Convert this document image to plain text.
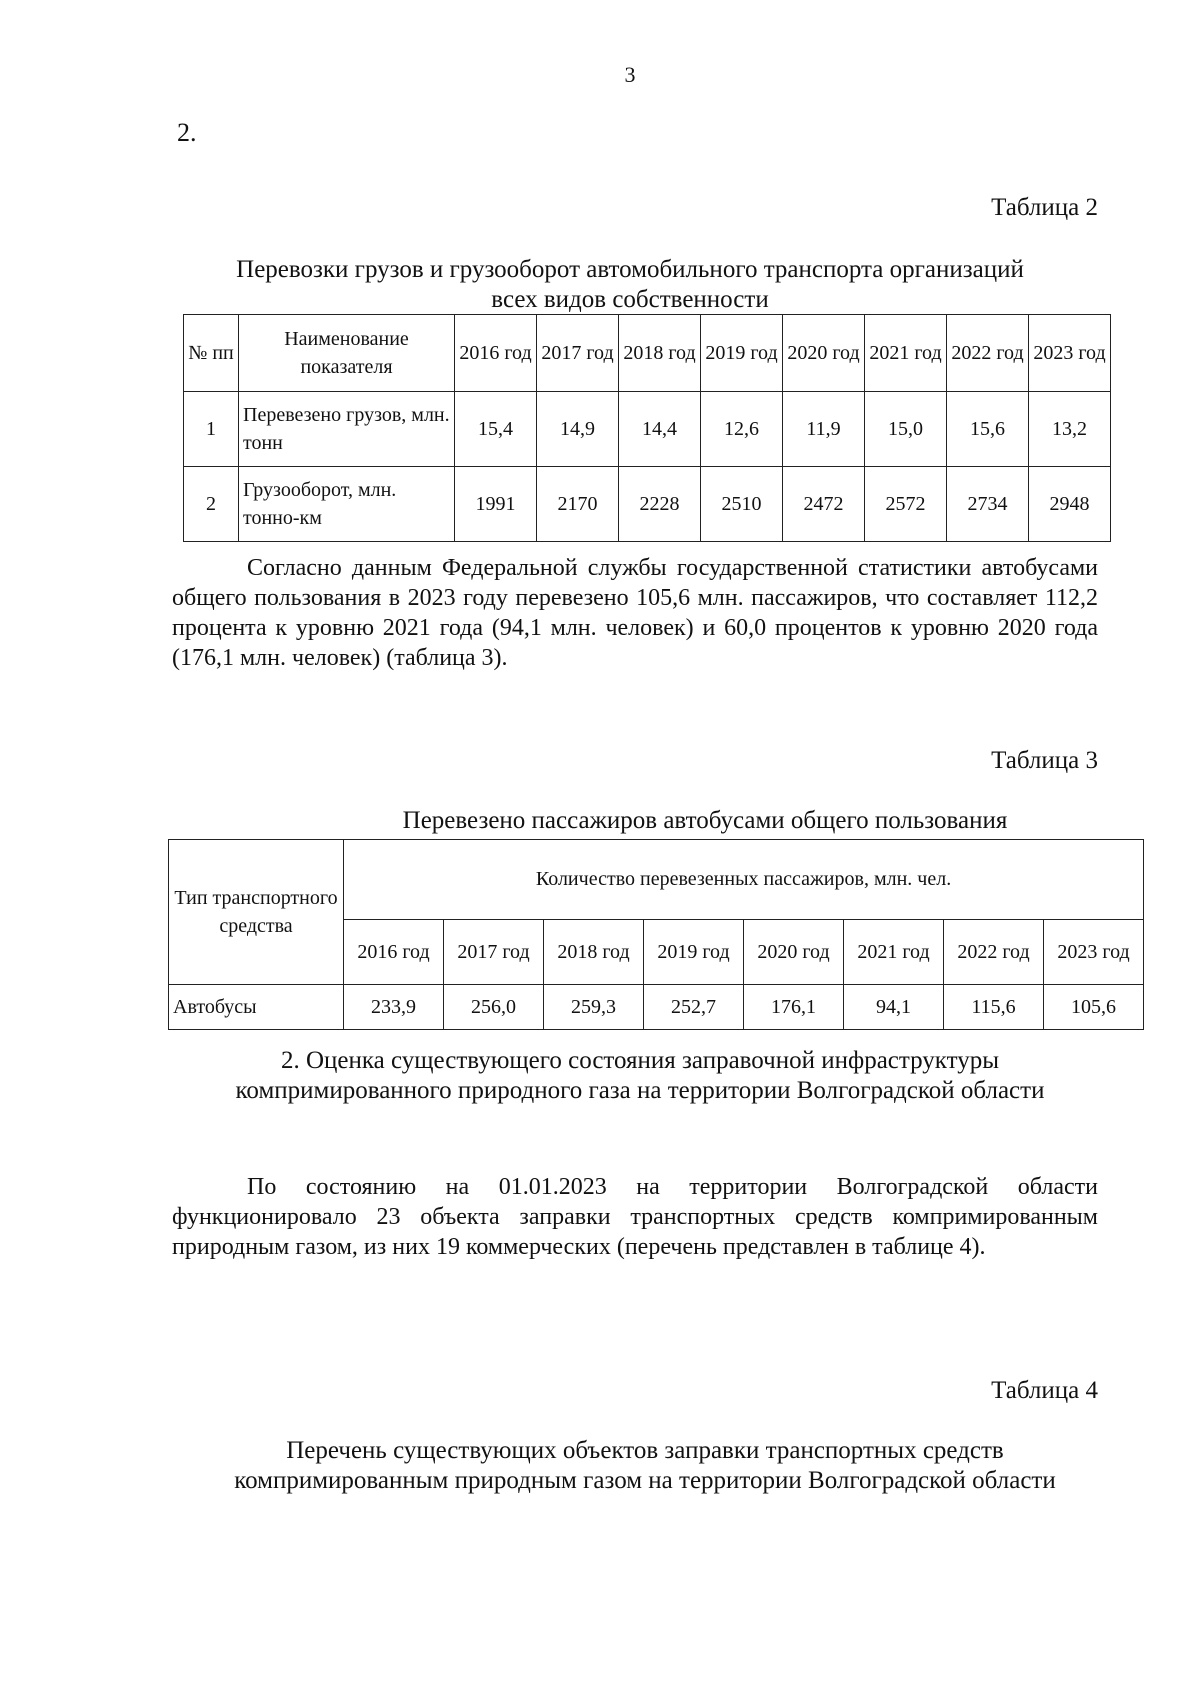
3
2.
Таблица 2
Перевозки грузов и грузооборот автомобильного транспорта организаций
всех видов собственности
№ пп	Наименование показателя	2016 год	2017 год	2018 год	2019 год	2020 год	2021 год	2022 год	2023 год
1	Перевезено грузов, млн. тонн	15,4	14,9	14,4	12,6	11,9	15,0	15,6	13,2
2	Грузооборот, млн. тонно-км	1991	2170	2228	2510	2472	2572	2734	2948
Согласно данным Федеральной службы государственной статистики автобусами общего пользования в 2023 году перевезено 105,6 млн. пассажиров, что составляет 112,2 процента к уровню 2021 года (94,1 млн. человек) и 60,0 процентов к уровню 2020 года (176,1 млн. человек) (таблица 3).
Таблица 3
Перевезено пассажиров автобусами общего пользования
Тип транспортного средства	Количество перевезенных пассажиров, млн. чел.							
	2016 год	2017 год	2018 год	2019 год	2020 год	2021 год	2022 год	2023 год
Автобусы	233,9	256,0	259,3	252,7	176,1	94,1	115,6	105,6
2. Оценка существующего состояния заправочной инфраструктуры компримированного природного газа на территории Волгоградской области
По состоянию на 01.01.2023 на территории Волгоградской области функционировало 23 объекта заправки транспортных средств компримированным природным газом, из них 19 коммерческих (перечень представлен в таблице 4).
Таблица 4
Перечень существующих объектов заправки транспортных средств компримированным природным газом на территории Волгоградской области
